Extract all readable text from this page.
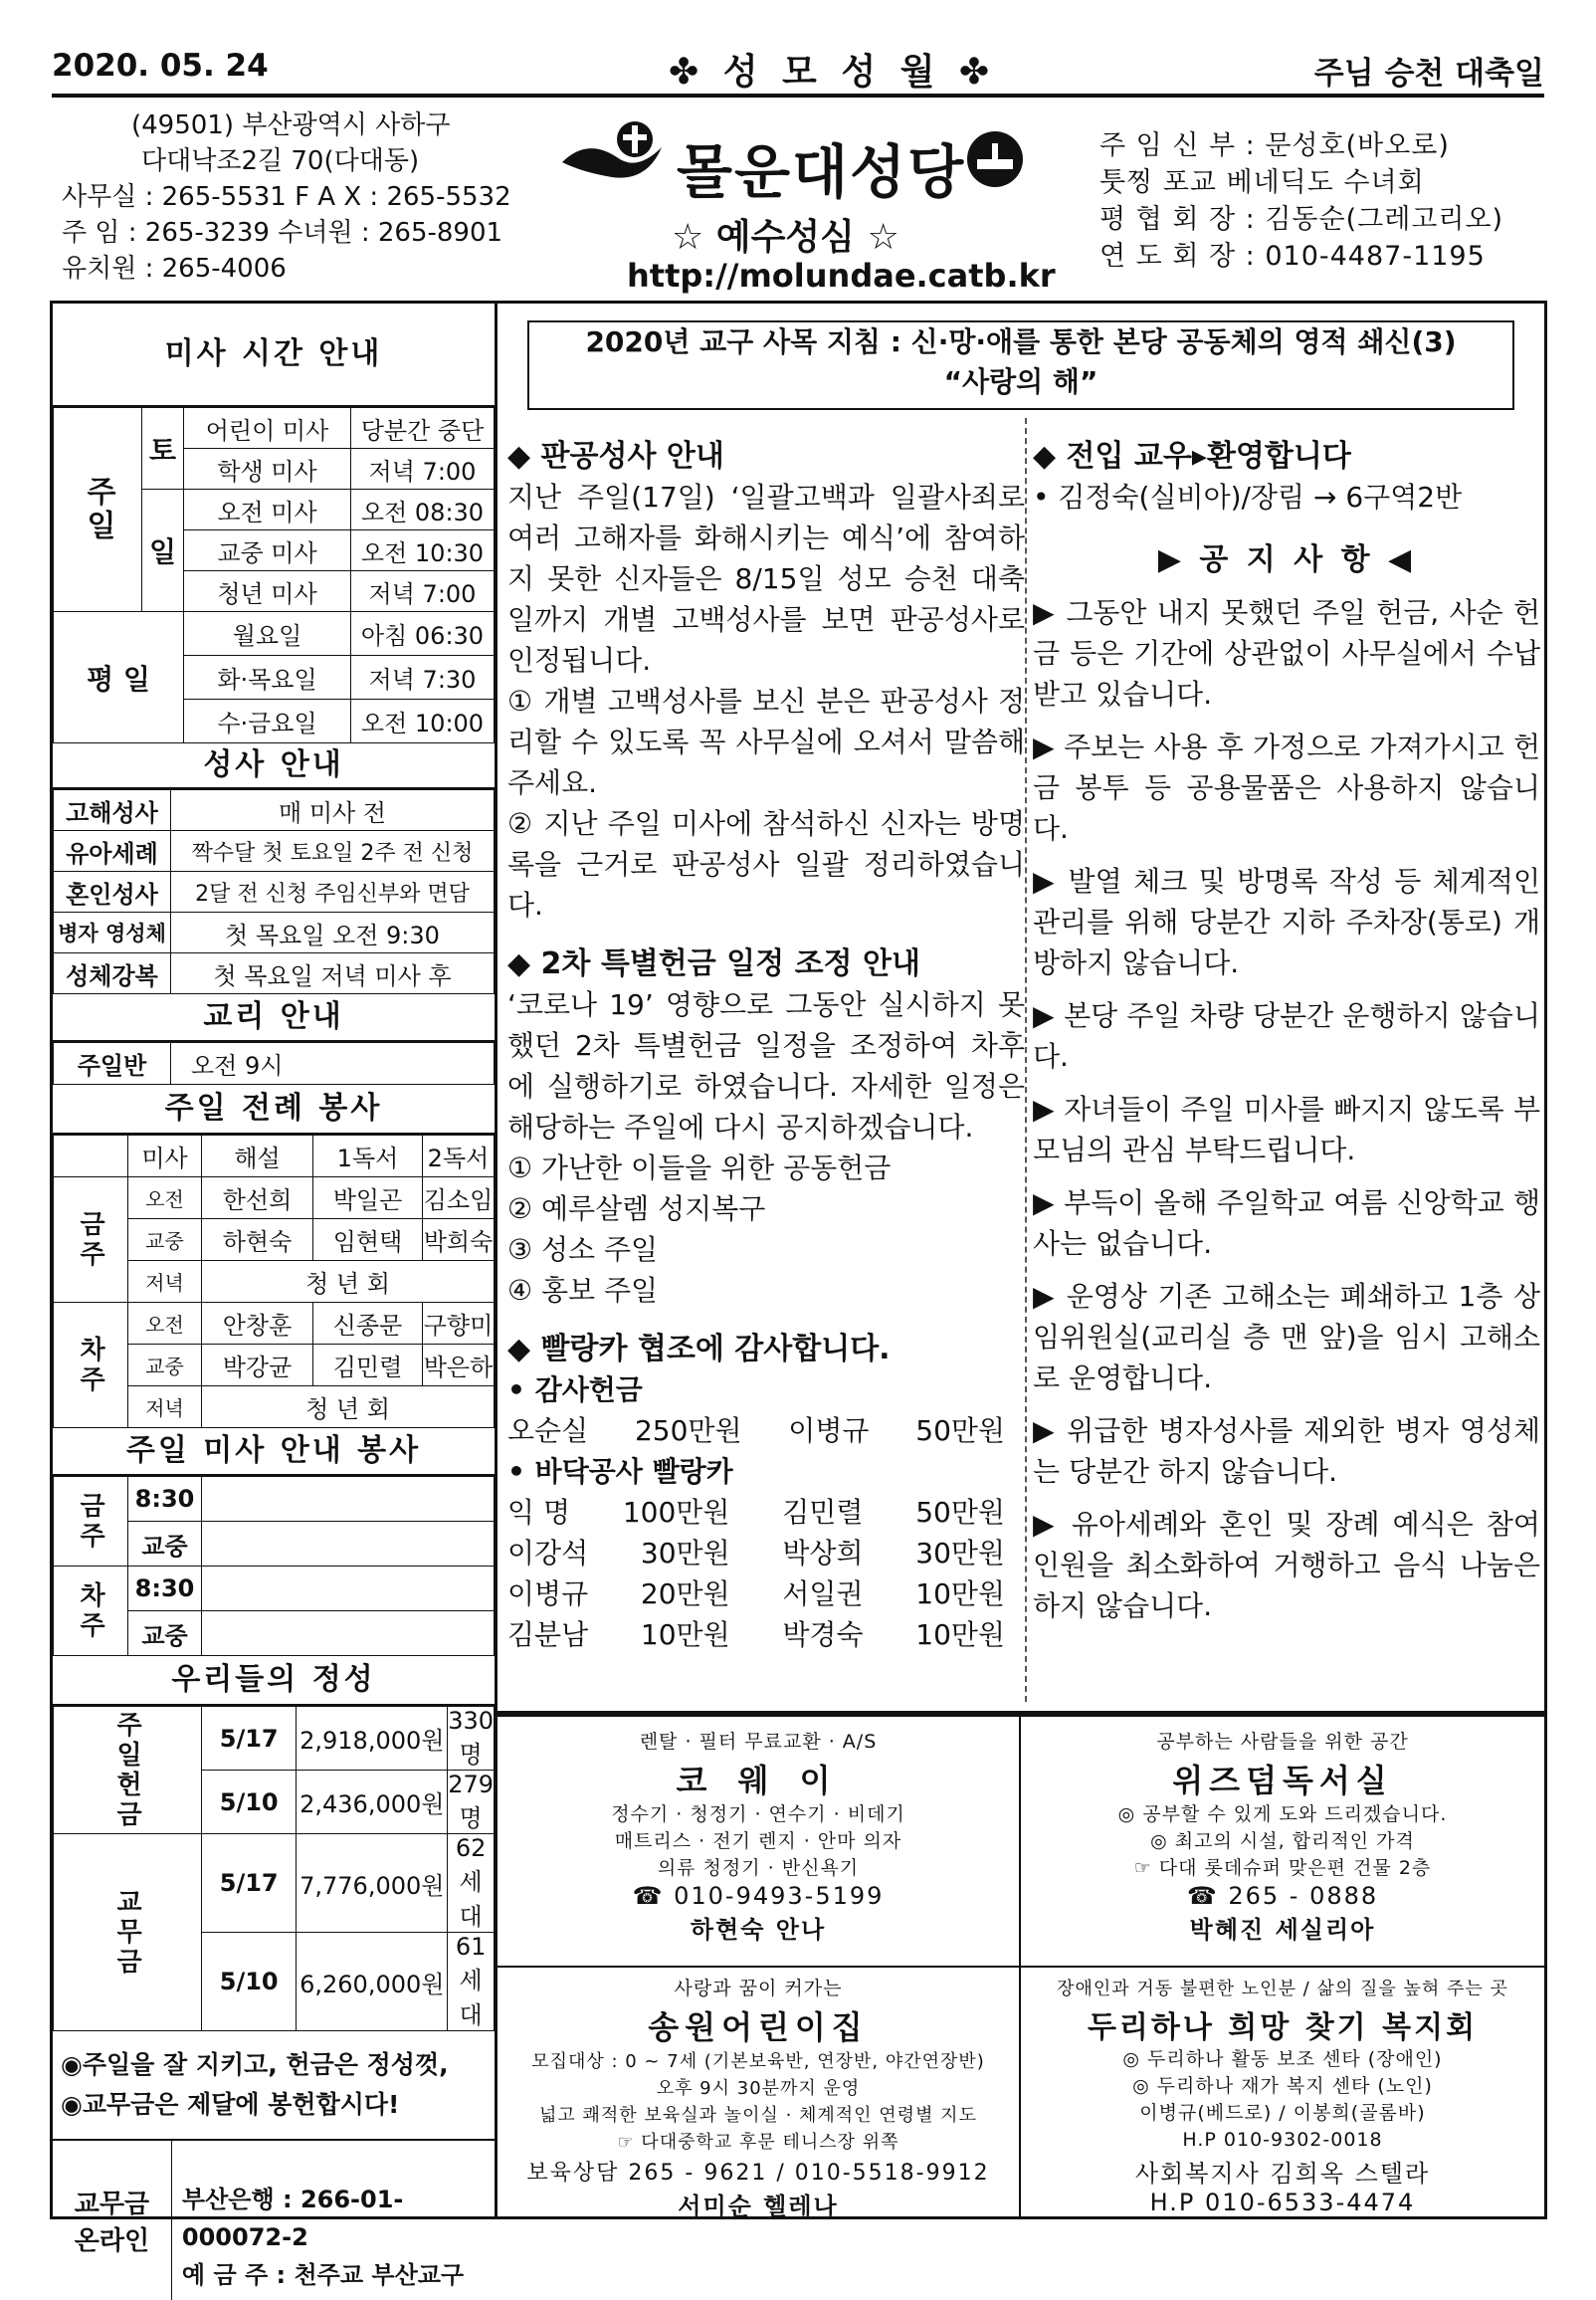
2020. 05. 24	✤ 성 모 성 월 ✤	주님 승천 대축일
(49501) 부산광역시 사하구
다대낙조2길 70(다대동)
사무실 : 265-5531 F A X : 265-5532
주 임 : 265-3239 수녀원 : 265-8901
유치원 : 265-4006
몰운대성당
☆ 예수성심 ☆
http://molundae.catb.kr
주 임 신 부 : 문성호(바오로)
툿찡 포교 베네딕도 수녀회
평 협 회 장 : 김동순(그레고리오)
연 도 회 장 : 010-4487-1195
미사 시간 안내
주일	토	어린이 미사	당분간 중단
		학생 미사	저녁 7:00
	일	오전 미사	오전 08:30
		교중 미사	오전 10:30
		청년 미사	저녁 7:00
평 일		월요일	아침 06:30
		화·목요일	저녁 7:30
		수·금요일	오전 10:00
성사 안내
고해성사	매 미사 전
유아세례	짝수달 첫 토요일 2주 전 신청
혼인성사	2달 전 신청 주임신부와 면담
병자 영성체	첫 목요일 오전 9:30
성체강복	첫 목요일 저녁 미사 후
교리 안내
주일반	오전 9시
주일 전례 봉사
	미사	해설	1독서	2독서
금주	오전	한선희	박일곤	김소임
	교중	하현숙	임현택	박희숙
	저녁	청 년 회		
차주	오전	안창훈	신종문	구향미
	교중	박강균	김민렬	박은하
	저녁	청 년 회		
주일 미사 안내 봉사
금주	8:30	
	교중	
차주	8:30	
	교중	
우리들의 정성
주일헌금	5/17	2,918,000원	330명
	5/10	2,436,000원	279명
교무금	5/17	7,776,000원	62세대
	5/10	6,260,000원	61세대
◉주일을 잘 지키고, 헌금은 정성껏,
◉교무금은 제달에 봉헌합시다!
교무금 온라인
부산은행 : 266-01-000072-2
예 금 주 : 천주교 부산교구
2020년 교구 사목 지침 : 신·망·애를 통한 본당 공동체의 영적 쇄신(3)
“사랑의 해”
◆ 판공성사 안내
지난 주일(17일) ‘일괄고백과 일괄사죄로 여러 고해자를 화해시키는 예식’에 참여하지 못한 신자들은 8/15일 성모 승천 대축일까지 개별 고백성사를 보면 판공성사로 인정됩니다.
① 개별 고백성사를 보신 분은 판공성사 정리할 수 있도록 꼭 사무실에 오셔서 말씀해 주세요.
② 지난 주일 미사에 참석하신 신자는 방명록을 근거로 판공성사 일괄 정리하였습니다.
◆ 2차 특별헌금 일정 조정 안내
‘코로나 19’ 영향으로 그동안 실시하지 못했던 2차 특별헌금 일정을 조정하여 차후에 실행하기로 하였습니다. 자세한 일정은 해당하는 주일에 다시 공지하겠습니다.
① 가난한 이들을 위한 공동헌금
② 예루살렘 성지복구
③ 성소 주일
④ 홍보 주일
◆ 빨랑카 협조에 감사합니다.
• 감사헌금
오순실 250만원 이병규 50만원
• 바닥공사 빨랑카
익 명 100만원 김민렬 50만원
이강석 30만원 박상희 30만원
이병규 20만원 서일권 10만원
김분남 10만원 박경숙 10만원
◆ 전입 교우▸환영합니다
• 김정숙(실비아)/장림 → 6구역2반
▶ 공 지 사 항 ◀
▶ 그동안 내지 못했던 주일 헌금, 사순 헌금 등은 기간에 상관없이 사무실에서 수납 받고 있습니다.
▶ 주보는 사용 후 가정으로 가져가시고 헌금 봉투 등 공용물품은 사용하지 않습니다.
▶ 발열 체크 및 방명록 작성 등 체계적인 관리를 위해 당분간 지하 주차장(통로) 개방하지 않습니다.
▶ 본당 주일 차량 당분간 운행하지 않습니다.
▶ 자녀들이 주일 미사를 빠지지 않도록 부모님의 관심 부탁드립니다.
▶ 부득이 올해 주일학교 여름 신앙학교 행사는 없습니다.
▶ 운영상 기존 고해소는 폐쇄하고 1층 상임위원실(교리실 층 맨 앞)을 임시 고해소로 운영합니다.
▶ 위급한 병자성사를 제외한 병자 영성체는 당분간 하지 않습니다.
▶ 유아세례와 혼인 및 장례 예식은 참여 인원을 최소화하여 거행하고 음식 나눔은 하지 않습니다.
렌탈 · 필터 무료교환 · A/S
코 웨 이
정수기 · 청정기 · 연수기 · 비데기
매트리스 · 전기 렌지 · 안마 의자
의류 청정기 · 반신욕기
☎ 010-9493-5199
하현숙 안나
공부하는 사람들을 위한 공간
위즈덤독서실
◎ 공부할 수 있게 도와 드리겠습니다.
◎ 최고의 시설, 합리적인 가격
☞ 다대 롯데슈퍼 맞은편 건물 2층
☎ 265 - 0888
박혜진 세실리아
사랑과 꿈이 커가는
송원어린이집
모집대상 : 0 ~ 7세 (기본보육반, 연장반, 야간연장반)
오후 9시 30분까지 운영
넓고 쾌적한 보육실과 놀이실 · 체계적인 연령별 지도
☞ 다대중학교 후문 테니스장 위쪽
보육상담 265 - 9621 / 010-5518-9912
서미순 헬레나
장애인과 거동 불편한 노인분 / 삶의 질을 높혀 주는 곳
두리하나 희망 찾기 복지회
◎ 두리하나 활동 보조 센타 (장애인)
◎ 두리하나 재가 복지 센타 (노인)
이병규(베드로) / 이봉희(골롬바)
H.P 010-9302-0018
사회복지사 김희옥 스텔라
H.P 010-6533-4474
